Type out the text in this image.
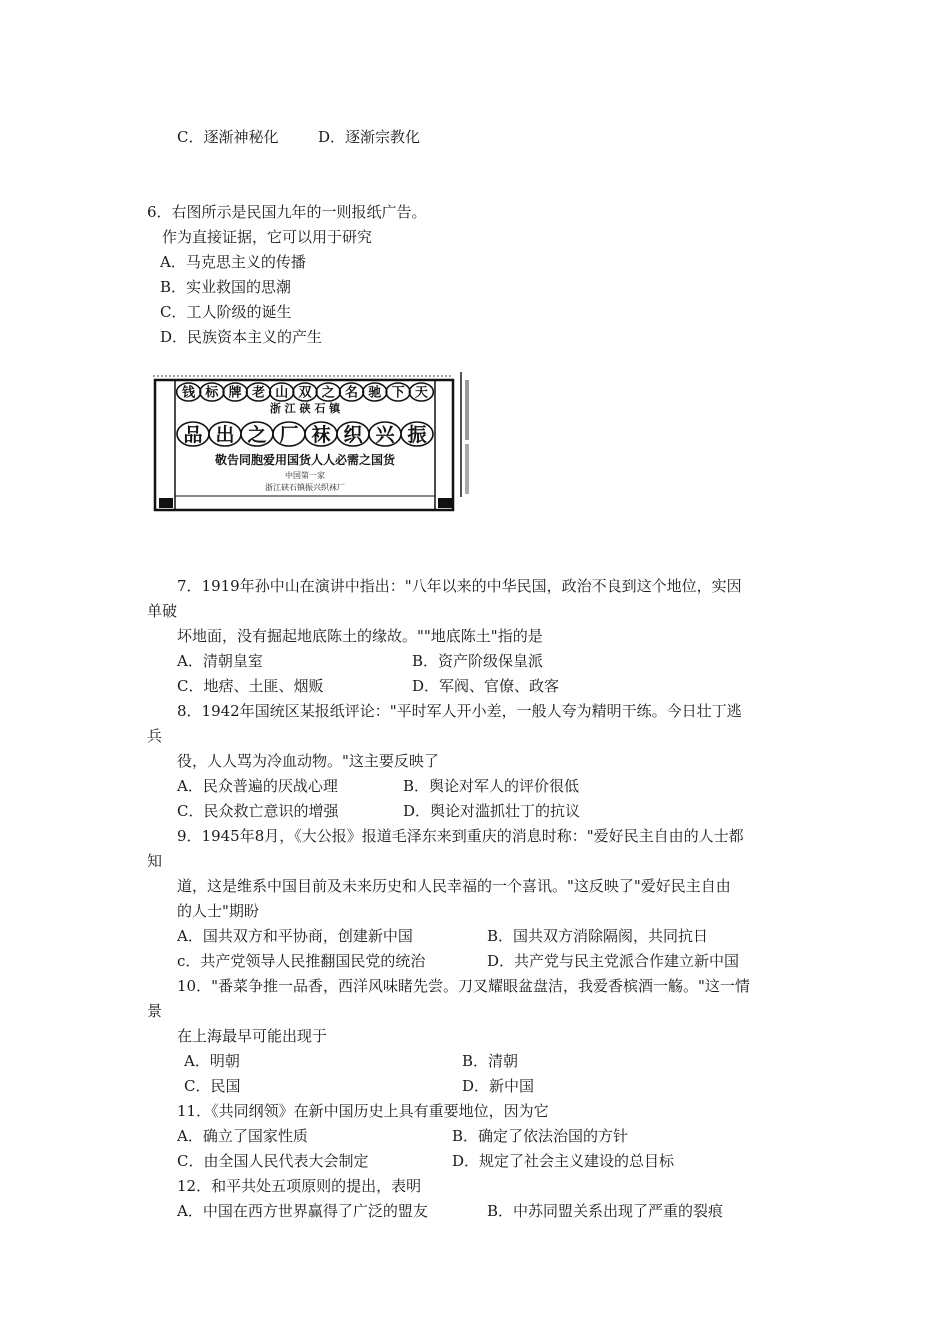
C．逐渐神秘化	D．逐渐宗教化
6．右图所示是民国九年的一则报纸广告。
作为直接证据，它可以用于研究
A．马克思主义的传播
B．实业救国的思潮
C．工人阶级的诞生
D．民族资本主义的产生
钱 标 牌 老 山 双 之 名 驰 下 天
浙 江 硖 石 镇
品 出 之 厂 袜 织 兴 振
敬告同胞爱用国货人人必需之国货
中国第一家
浙江硖石镇振兴织袜厂
7．1919年孙中山在演讲中指出："八年以来的中华民国，政治不良到这个地位，实因
单破
坏地面，没有掘起地底陈土的缘故。""地底陈土"指的是
A．清朝皇室	B．资产阶级保皇派
C．地痞、土匪、烟贩	D．军阀、官僚、政客
8．1942年国统区某报纸评论："平时军人开小差，一般人夸为精明干练。今日壮丁逃
兵
役，人人骂为冷血动物。"这主要反映了
A．民众普遍的厌战心理	B．舆论对军人的评价很低
C．民众救亡意识的增强	D．舆论对滥抓壮丁的抗议
9．1945年8月，《大公报》报道毛泽东来到重庆的消息时称："爱好民主自由的人士都
知
道，这是维系中国目前及未来历史和人民幸福的一个喜讯。"这反映了"爱好民主自由
的人士"期盼
A．国共双方和平协商，创建新中国	B．国共双方消除隔阂，共同抗日
c．共产党领导人民推翻国民党的统治	D．共产党与民主党派合作建立新中国
10．"番菜争推一品香，西洋风味睹先尝。刀叉耀眼盆盘洁，我爱香槟酒一觞。"这一情
景
在上海最早可能出现于
A．明朝	B．清朝
C．民国	D．新中国
11．《共同纲领》在新中国历史上具有重要地位，因为它
A．确立了国家性质	B．确定了依法治国的方针
C．由全国人民代表大会制定	D．规定了社会主义建设的总目标
12．和平共处五项原则的提出，表明
A．中国在西方世界赢得了广泛的盟友	B．中苏同盟关系出现了严重的裂痕
